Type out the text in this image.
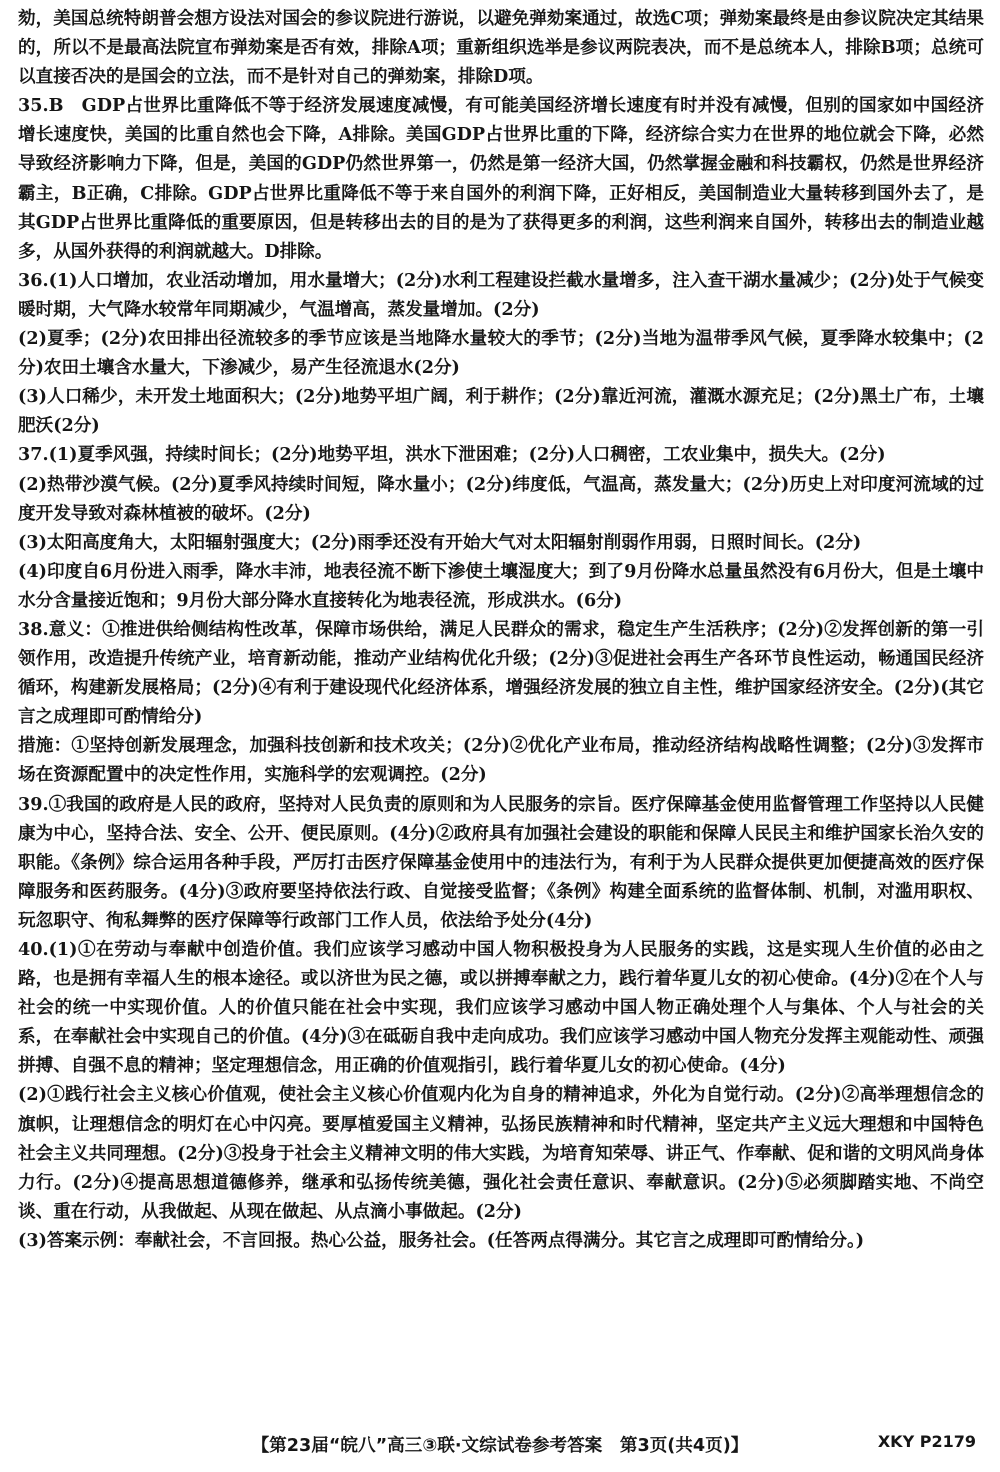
劾，美国总统特朗普会想方设法对国会的参议院进行游说，以避免弹劾案通过，故选C项；弹劾案最终是由参议院决定其结果的，所以不是最高法院宣布弹劾案是否有效，排除A项；重新组织选举是参议两院表决，而不是总统本人，排除B项；总统可以直接否决的是国会的立法，而不是针对自己的弹劾案，排除D项。

35.B　GDP占世界比重降低不等于经济发展速度减慢，有可能美国经济增长速度有时并没有减慢，但别的国家如中国经济增长速度快，美国的比重自然也会下降，A排除。美国GDP占世界比重的下降，经济综合实力在世界的地位就会下降，必然导致经济影响力下降，但是，美国的GDP仍然世界第一，仍然是第一经济大国，仍然掌握金融和科技霸权，仍然是世界经济霸主，B正确，C排除。GDP占世界比重降低不等于来自国外的利润下降，正好相反，美国制造业大量转移到国外去了，是其GDP占世界比重降低的重要原因，但是转移出去的目的是为了获得更多的利润，这些利润来自国外，转移出去的制造业越多，从国外获得的利润就越大。D排除。

36.(1)人口增加，农业活动增加，用水量增大；(2分)水利工程建设拦截水量增多，注入查干湖水量减少；(2分)处于气候变暖时期，大气降水较常年同期减少，气温增高，蒸发量增加。(2分)

(2)夏季；(2分)农田排出径流较多的季节应该是当地降水量较大的季节；(2分)当地为温带季风气候，夏季降水较集中；(2分)农田土壤含水量大，下渗减少，易产生径流退水(2分)

(3)人口稀少，未开发土地面积大；(2分)地势平坦广阔，利于耕作；(2分)靠近河流，灌溉水源充足；(2分)黑土广布，土壤肥沃(2分)

37.(1)夏季风强，持续时间长；(2分)地势平坦，洪水下泄困难；(2分)人口稠密，工农业集中，损失大。(2分)

(2)热带沙漠气候。(2分)夏季风持续时间短，降水量小；(2分)纬度低，气温高，蒸发量大；(2分)历史上对印度河流域的过度开发导致对森林植被的破坏。(2分)

(3)太阳高度角大，太阳辐射强度大；(2分)雨季还没有开始大气对太阳辐射削弱作用弱，日照时间长。(2分)

(4)印度自6月份进入雨季，降水丰沛，地表径流不断下渗使土壤湿度大；到了9月份降水总量虽然没有6月份大，但是土壤中水分含量接近饱和；9月份大部分降水直接转化为地表径流，形成洪水。(6分)

38.意义：①推进供给侧结构性改革，保障市场供给，满足人民群众的需求，稳定生产生活秩序；(2分)②发挥创新的第一引领作用，改造提升传统产业，培育新动能，推动产业结构优化升级；(2分)③促进社会再生产各环节良性运动，畅通国民经济循环，构建新发展格局；(2分)④有利于建设现代化经济体系，增强经济发展的独立自主性，维护国家经济安全。(2分)(其它言之成理即可酌情给分)

措施：①坚持创新发展理念，加强科技创新和技术攻关；(2分)②优化产业布局，推动经济结构战略性调整；(2分)③发挥市场在资源配置中的决定性作用，实施科学的宏观调控。(2分)

39.①我国的政府是人民的政府，坚持对人民负责的原则和为人民服务的宗旨。医疗保障基金使用监督管理工作坚持以人民健康为中心，坚持合法、安全、公开、便民原则。(4分)②政府具有加强社会建设的职能和保障人民民主和维护国家长治久安的职能。《条例》综合运用各种手段，严厉打击医疗保障基金使用中的违法行为，有利于为人民群众提供更加便捷高效的医疗保障服务和医药服务。(4分)③政府要坚持依法行政、自觉接受监督；《条例》构建全面系统的监督体制、机制，对滥用职权、玩忽职守、徇私舞弊的医疗保障等行政部门工作人员，依法给予处分(4分)

40.(1)①在劳动与奉献中创造价值。我们应该学习感动中国人物积极投身为人民服务的实践，这是实现人生价值的必由之路，也是拥有幸福人生的根本途径。或以济世为民之德，或以拼搏奉献之力，践行着华夏儿女的初心使命。(4分)②在个人与社会的统一中实现价值。人的价值只能在社会中实现，我们应该学习感动中国人物正确处理个人与集体、个人与社会的关系，在奉献社会中实现自己的价值。(4分)③在砥砺自我中走向成功。我们应该学习感动中国人物充分发挥主观能动性、顽强拼搏、自强不息的精神；坚定理想信念，用正确的价值观指引，践行着华夏儿女的初心使命。(4分)

(2)①践行社会主义核心价值观，使社会主义核心价值观内化为自身的精神追求，外化为自觉行动。(2分)②高举理想信念的旗帜，让理想信念的明灯在心中闪亮。要厚植爱国主义精神，弘扬民族精神和时代精神，坚定共产主义远大理想和中国特色社会主义共同理想。(2分)③投身于社会主义精神文明的伟大实践，为培育知荣辱、讲正气、作奉献、促和谐的文明风尚身体力行。(2分)④提高思想道德修养，继承和弘扬传统美德，强化社会责任意识、奉献意识。(2分)⑤必须脚踏实地、不尚空谈、重在行动，从我做起、从现在做起、从点滴小事做起。(2分)

(3)答案示例：奉献社会，不言回报。热心公益，服务社会。(任答两点得满分。其它言之成理即可酌情给分。)

【第23届“皖八”高三③联·文综试卷参考答案　第3页(共4页)】	XKY P2179
